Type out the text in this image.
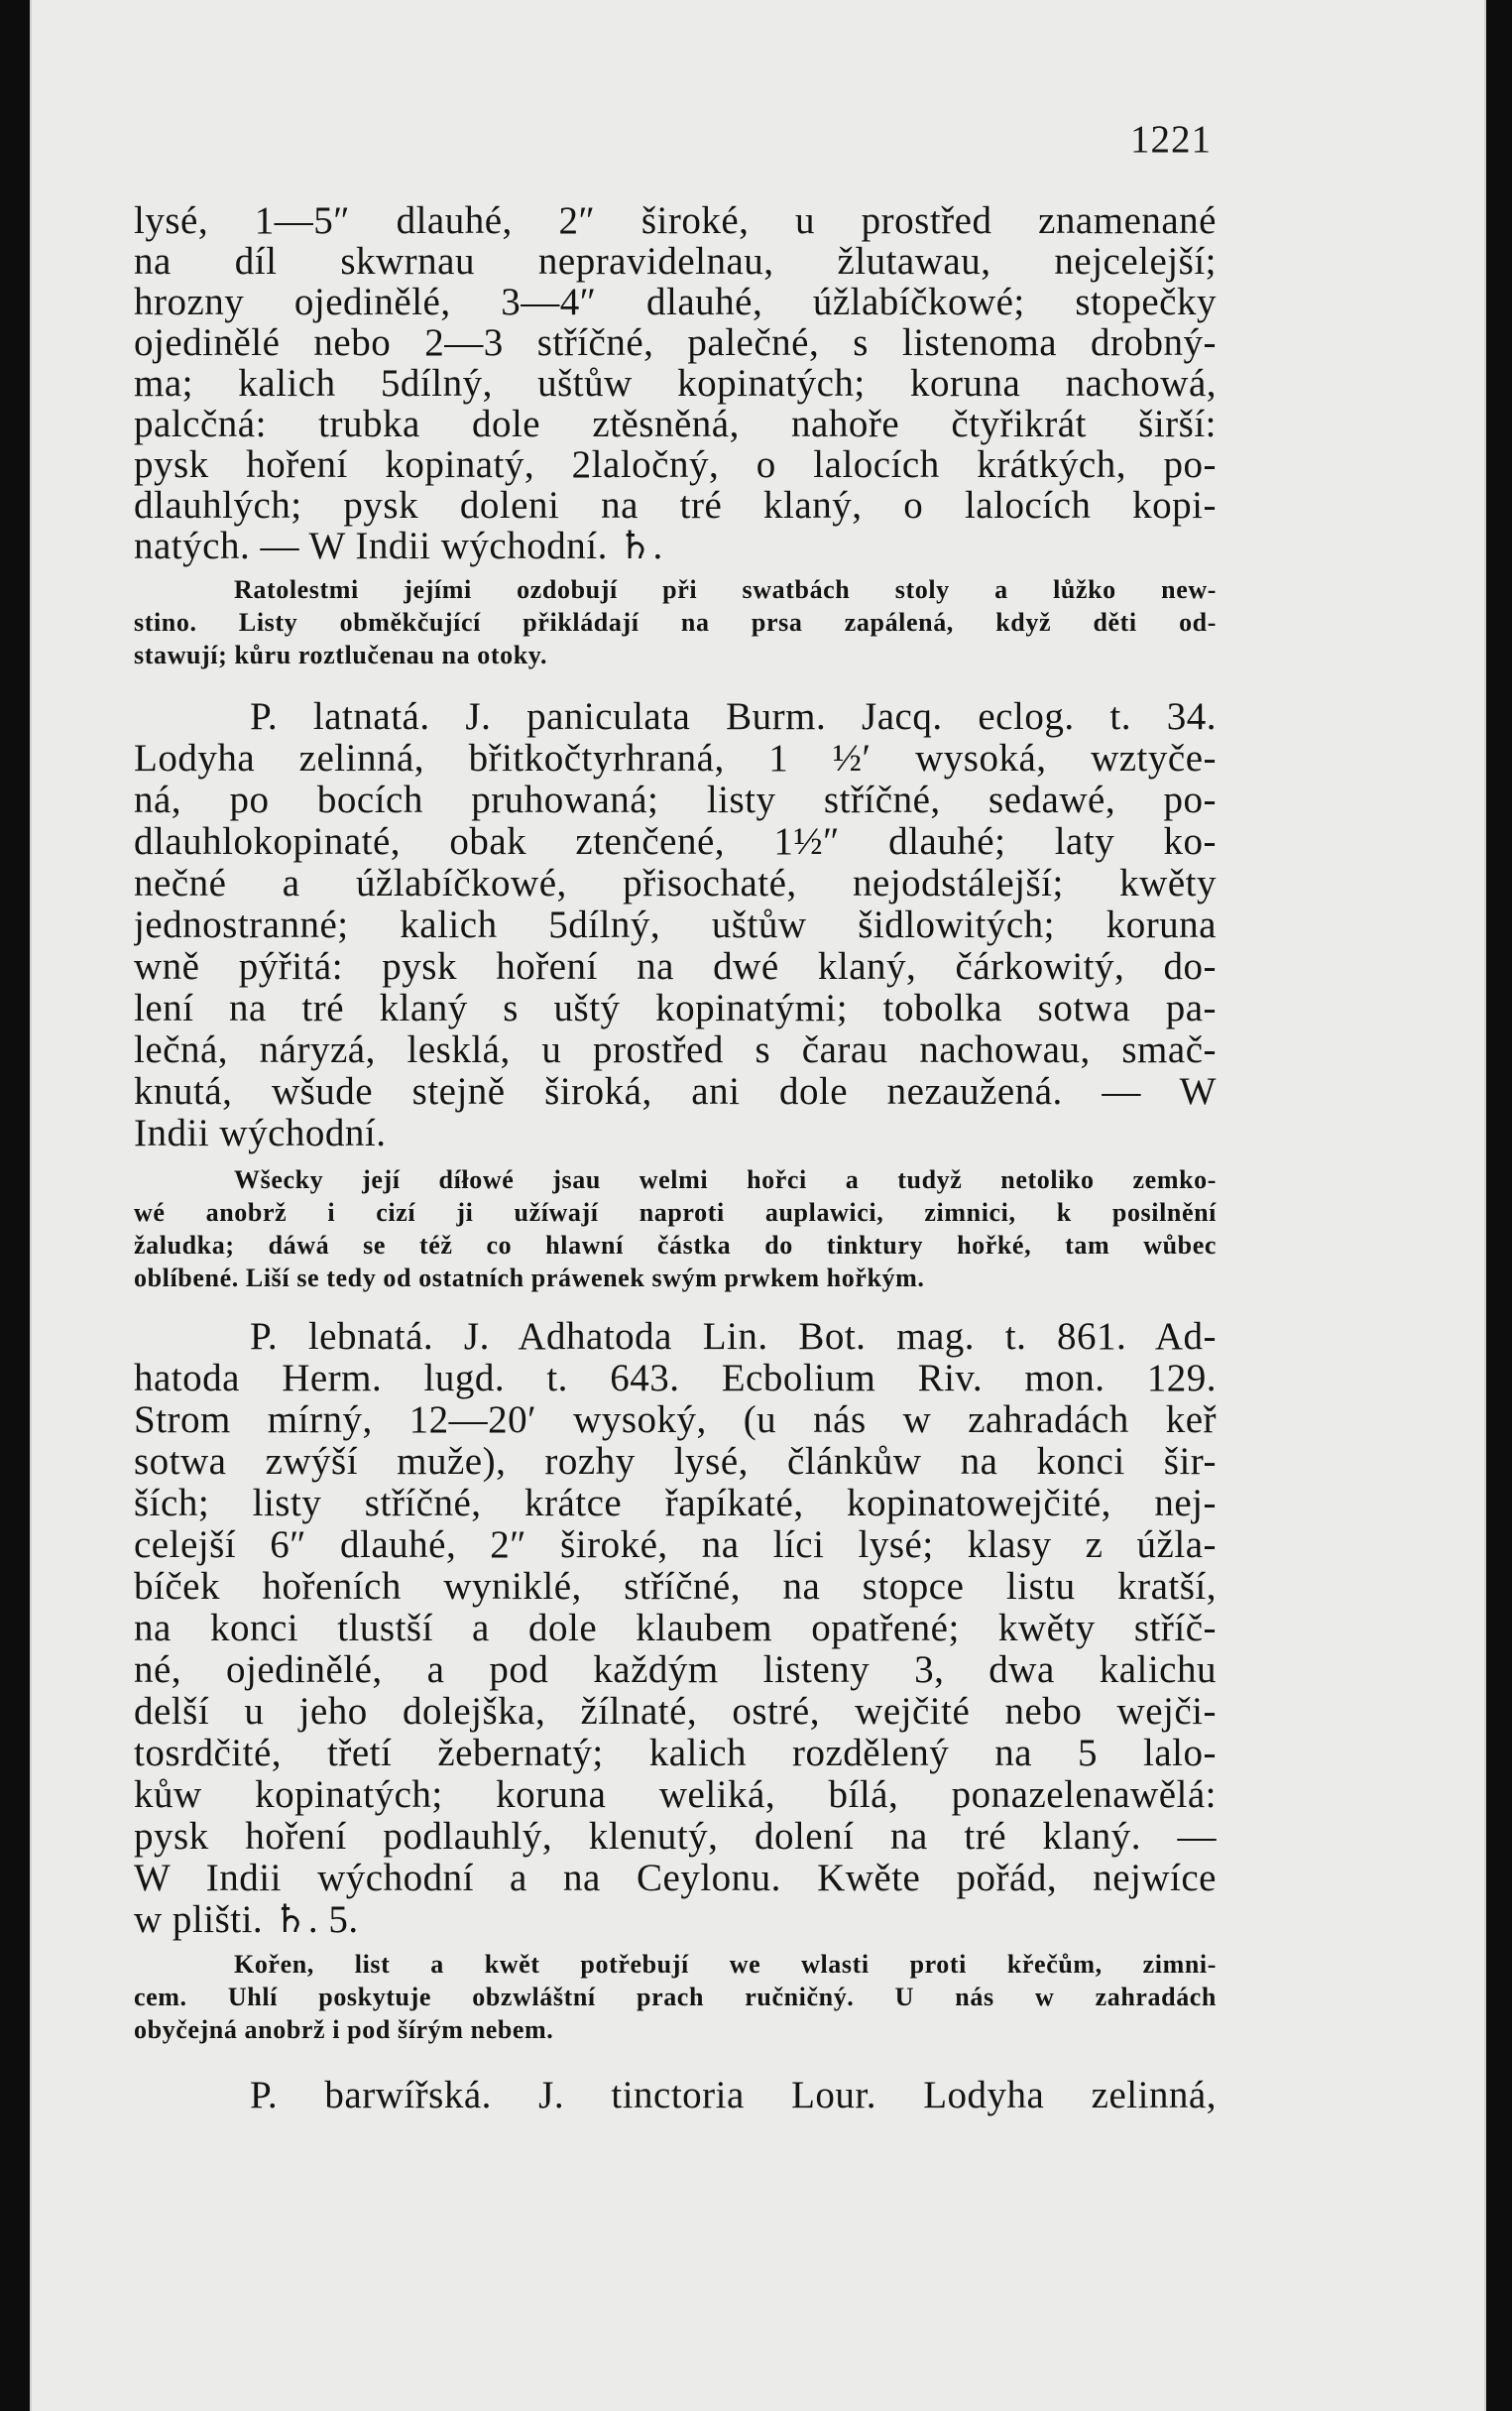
1221
lysé, 1—5″ dlauhé, 2″ široké, u prostřed znamenané
na díl skwrnau nepravidelnau, žlutawau, nejcelejší;
hrozny ojedinělé, 3—4″ dlauhé, úžlabíčkowé; stopečky
ojedinělé nebo 2—3 stříčné, palečné, s listenoma drobný-
ma; kalich 5dílný, uštůw kopinatých; koruna nachowá,
palcčná: trubka dole ztěsněná, nahoře čtyřikrát širší:
pysk hoření kopinatý, 2laločný, o lalocích krátkých, po-
dlauhlých; pysk doleni na tré klaný, o lalocích kopi-
natých. — W Indii wýchodní. ♄.
Ratolestmi jejími ozdobují při swatbách stoly a lůžko new-
stino. Listy obměkčující přikládají na prsa zapálená, když děti od-
stawují; kůru roztlučenau na otoky.
P. latnatá. J. paniculata Burm. Jacq. eclog. t. 34.
Lodyha zelinná, břitkočtyrhraná, 1 ½′ wysoká, wztyče-
ná, po bocích pruhowaná; listy stříčné, sedawé, po-
dlauhlokopinaté, obak ztenčené, 1½″ dlauhé; laty ko-
nečné a úžlabíčkowé, přisochaté, nejodstálejší; kwěty
jednostranné; kalich 5dílný, uštůw šidlowitých; koruna
wně pýřitá: pysk hoření na dwé klaný, čárkowitý, do-
lení na tré klaný s uštý kopinatými; tobolka sotwa pa-
lečná, náryzá, lesklá, u prostřed s čarau nachowau, smač-
knutá, wšude stejně široká, ani dole nezaužená. — W
Indii wýchodní.
Wšecky její díłowé jsau welmi hořci a tudyž netoliko zemko-
wé anobrž i cizí ji užíwají naproti auplawici, zimnici, k posilnění
žaludka; dáwá se též co hlawní částka do tinktury hořké, tam wůbec
oblíbené. Liší se tedy od ostatních práwenek swým prwkem hořkým.
P. lebnatá. J. Adhatoda Lin. Bot. mag. t. 861. Ad-
hatoda Herm. lugd. t. 643. Ecbolium Riv. mon. 129.
Strom mírný, 12—20′ wysoký, (u nás w zahradách keř
sotwa zwýší muže), rozhy lysé, článkůw na konci šir-
ších; listy stříčné, krátce řapíkaté, kopinatowejčité, nej-
celejší 6″ dlauhé, 2″ široké, na líci lysé; klasy z úžla-
bíček hořeních wyniklé, stříčné, na stopce listu kratší,
na konci tlustší a dole klaubem opatřené; kwěty stříč-
né, ojedinělé, a pod každým listeny 3, dwa kalichu
delší u jeho dolejška, žílnaté, ostré, wejčité nebo wejči-
tosrdčité, třetí žebernatý; kalich rozdělený na 5 lalo-
kůw kopinatých; koruna weliká, bílá, ponazelenawělá:
pysk hoření podlauhlý, klenutý, dolení na tré klaný. —
W Indii wýchodní a na Ceylonu. Kwěte pořád, nejwíce
w plišti. ♄. 5.
Kořen, list a kwět potřebují we wlasti proti křečům, zimni-
cem. Uhlí poskytuje obzwláštní prach ručničný. U nás w zahradách
obyčejná anobrž i pod šírým nebem.
P. barwířská. J. tinctoria Lour. Lodyha zelinná,
